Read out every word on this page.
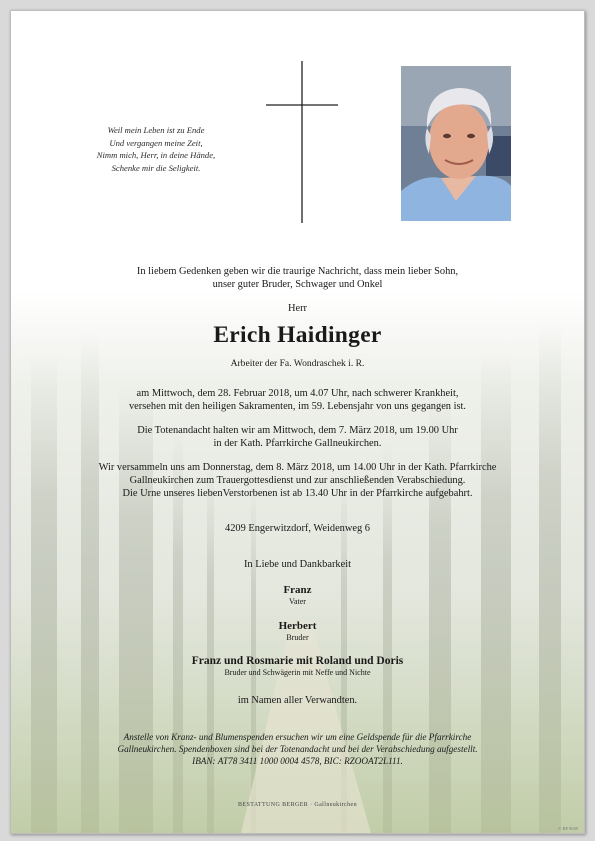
Weil mein Leben ist zu Ende
Und vergangen meine Zeit,
Nimm mich, Herr, in deine Hände,
Schenke mir die Seligkeit.
In liebem Gedenken geben wir die traurige Nachricht, dass mein lieber Sohn,
unser guter Bruder, Schwager und Onkel
Herr
Erich Haidinger
Arbeiter der Fa. Wondraschek i. R.
am Mittwoch, dem 28. Februar 2018, um 4.07 Uhr, nach schwerer Krankheit,
versehen mit den heiligen Sakramenten, im 59. Lebensjahr von uns gegangen ist.
Die Totenandacht halten wir am Mittwoch, dem 7. März 2018, um 19.00 Uhr
in der Kath. Pfarrkirche Gallneukirchen.
Wir versammeln uns am Donnerstag, dem 8. März 2018, um 14.00 Uhr in der Kath. Pfarrkirche
Gallneukirchen zum Trauergottesdienst und zur anschließenden Verabschiedung.
Die Urne unseres liebenVerstorbenen ist ab 13.40 Uhr in der Pfarrkirche aufgebahrt.
4209 Engerwitzdorf, Weidenweg 6
In Liebe und Dankbarkeit
Franz
Vater
Herbert
Bruder
Franz und Rosmarie mit Roland und Doris
Bruder und Schwägerin mit Neffe und Nichte
im Namen aller Verwandten.
Anstelle von Kranz- und Blumenspenden ersuchen wir um eine Geldspende für die Pfarrkirche
Gallneukirchen. Spendenboxen sind bei der Totenandacht und bei der Verabschiedung aufgestellt.
IBAN: AT78 3411 1000 0004 4578, BIC: RZOOAT2L111.
BESTATTUNG BERGER · Gallneukirchen
© BP 9049
